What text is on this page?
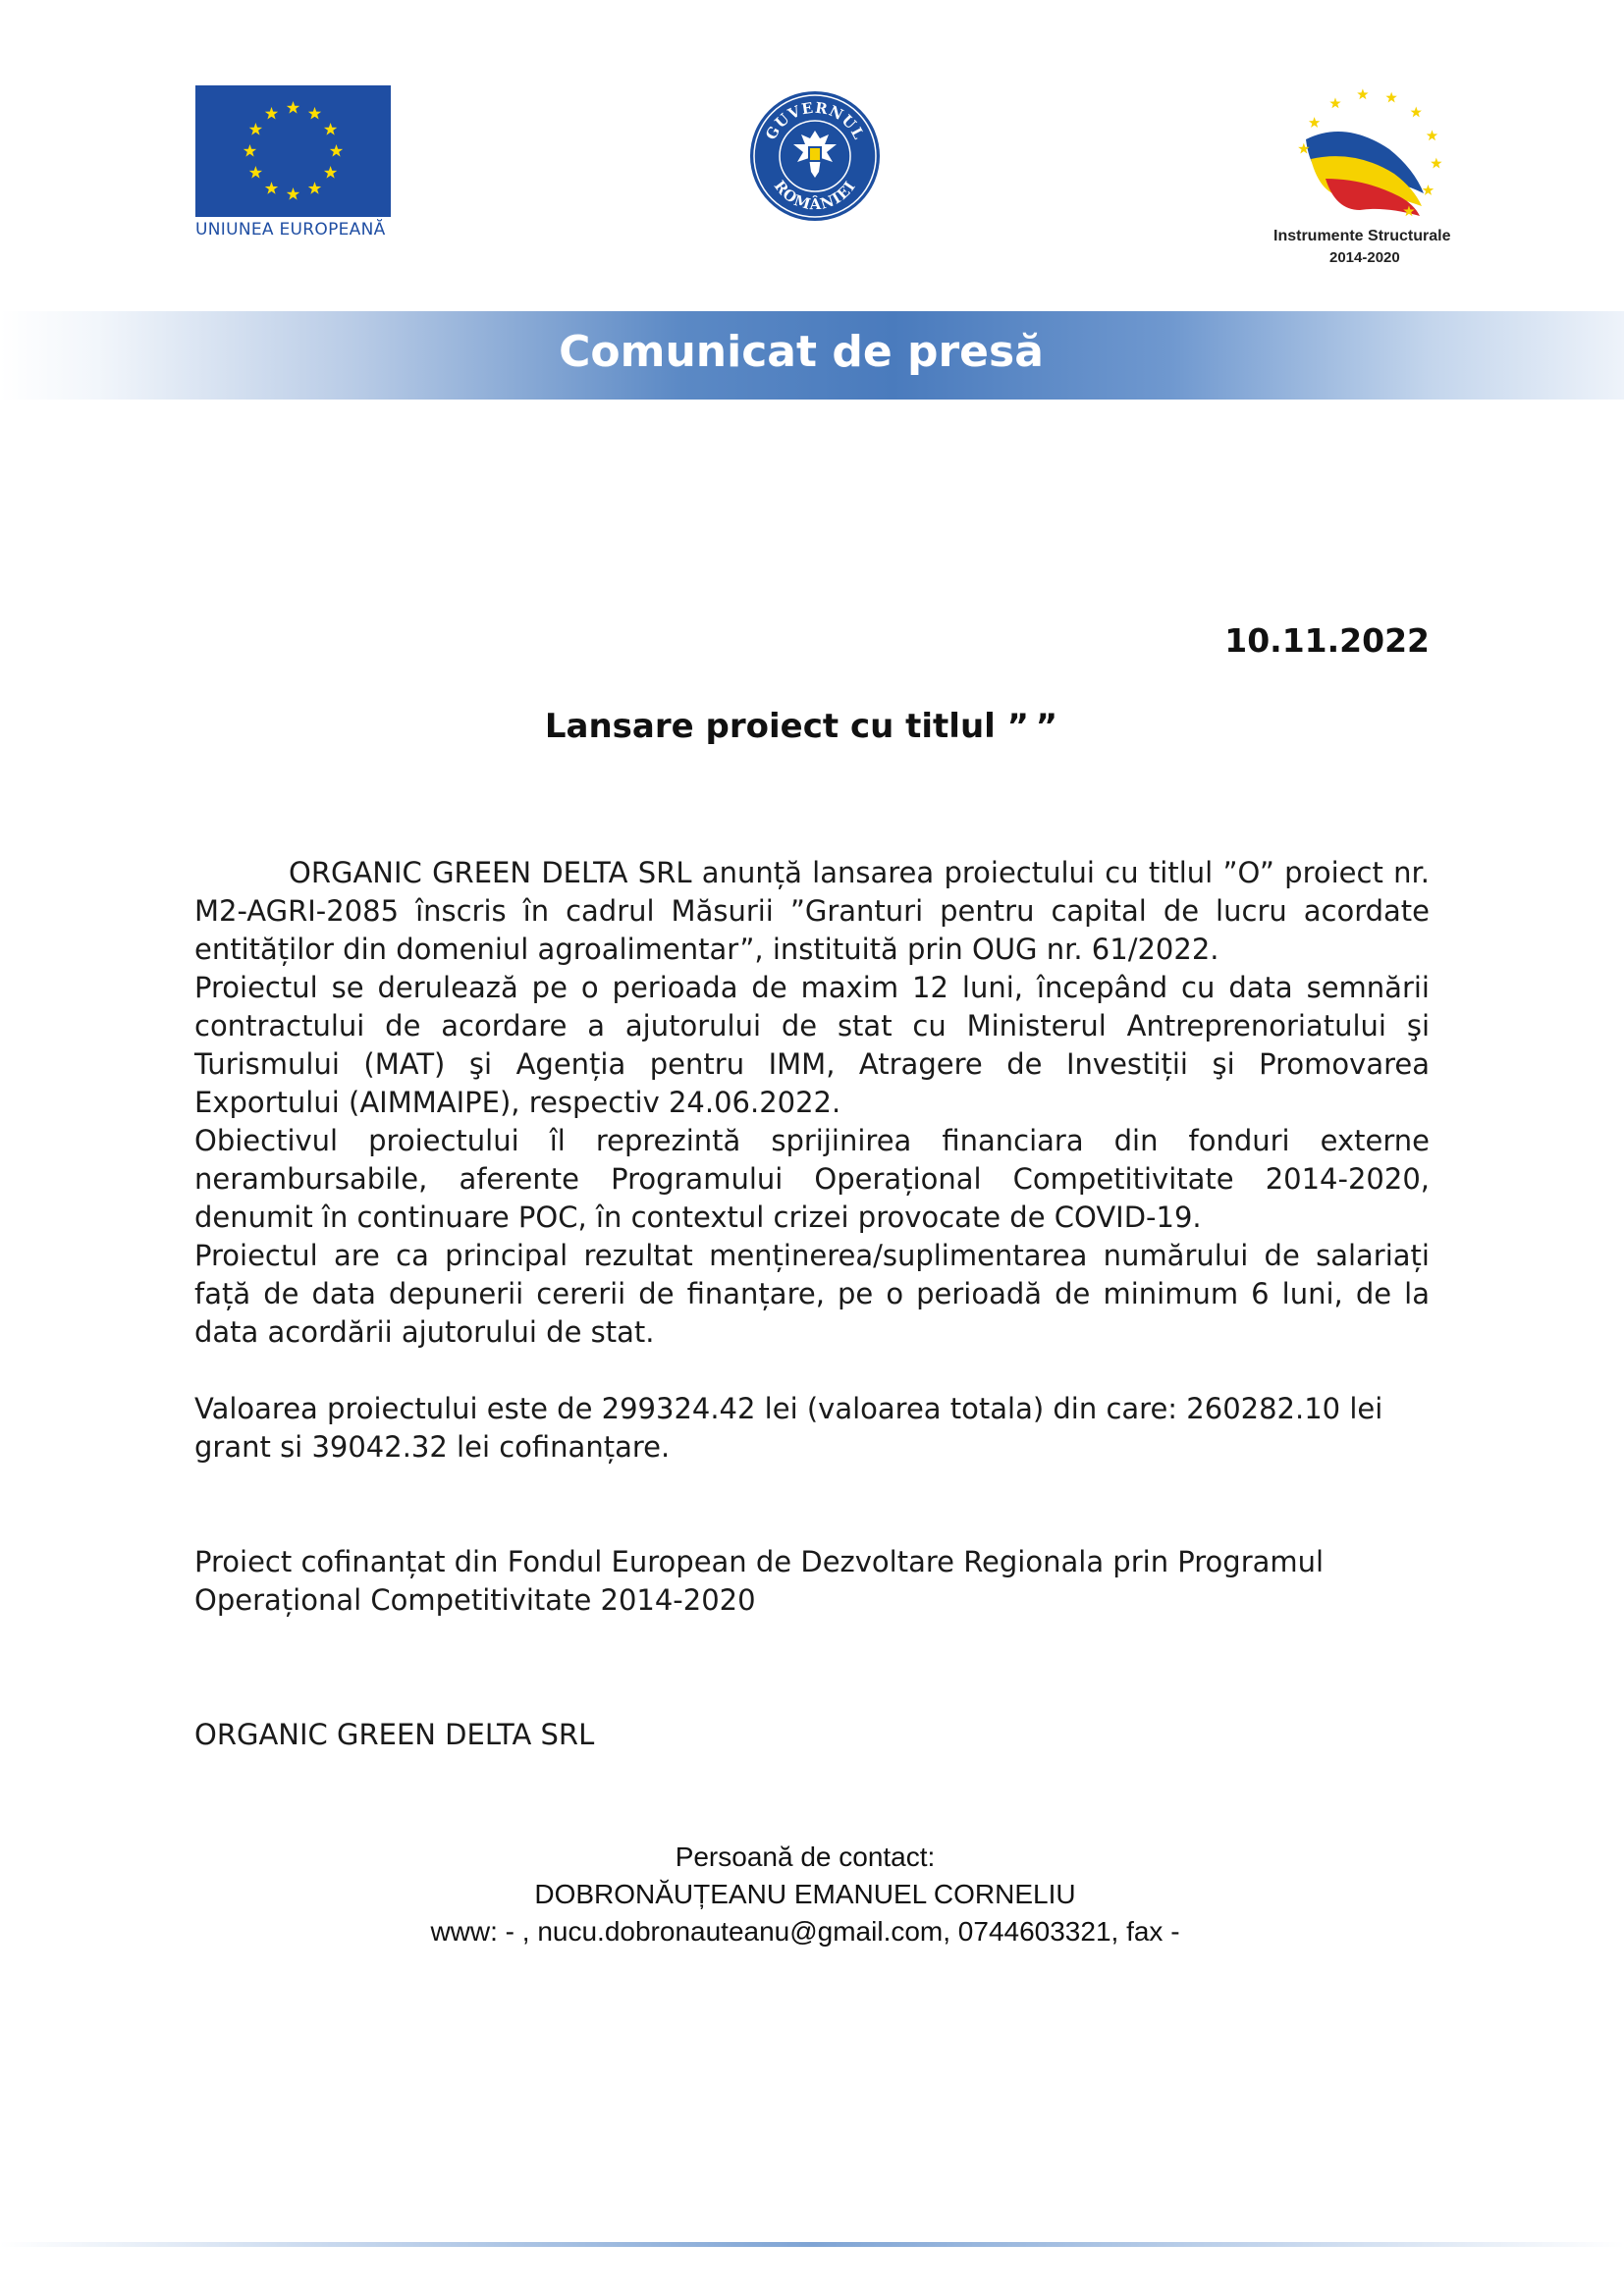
UNIUNEA EUROPEANĂ
GUVERNUL
ROMÂNIEI
Instrumente Structurale
2014-2020
Comunicat de presă
10.11.2022
Lansare proiect cu titlul ” ”

ORGANIC GREEN DELTA SRL anunță lansarea proiectului cu titlul ”O” proiect nr. M2-AGRI-2085 înscris în cadrul Măsurii ”Granturi pentru capital de lucru acordate entităților din domeniul agroalimentar”, instituită prin OUG nr. 61/2022.

Proiectul se derulează pe o perioada de maxim 12 luni, începând cu data semnării contractului de acordare a ajutorului de stat cu Ministerul Antreprenoriatului şi Turismului (MAT) şi Agenția pentru IMM, Atragere de Investiții şi Promovarea Exportului (AIMMAIPE), respectiv 24.06.2022.

Obiectivul proiectului îl reprezintă sprijinirea financiara din fonduri externe nerambursabile, aferente Programului Operațional Competitivitate 2014-2020, denumit în continuare POC, în contextul crizei provocate de COVID-19.

Proiectul are ca principal rezultat menținerea/suplimentarea numărului de salariați față de data depunerii cererii de finanțare, pe o perioadă de minimum 6 luni, de la data acordării ajutorului de stat.

Valoarea proiectului este de 299324.42 lei (valoarea totala) din care: 260282.10 lei grant si 39042.32 lei cofinanțare.

Proiect cofinanțat din Fondul European de Dezvoltare Regionala prin Programul Operațional Competitivitate 2014-2020

ORGANIC GREEN DELTA SRL
Persoană de contact:
DOBRONĂUȚEANU EMANUEL CORNELIU
www: - , nucu.dobronauteanu@gmail.com, 0744603321, fax -
